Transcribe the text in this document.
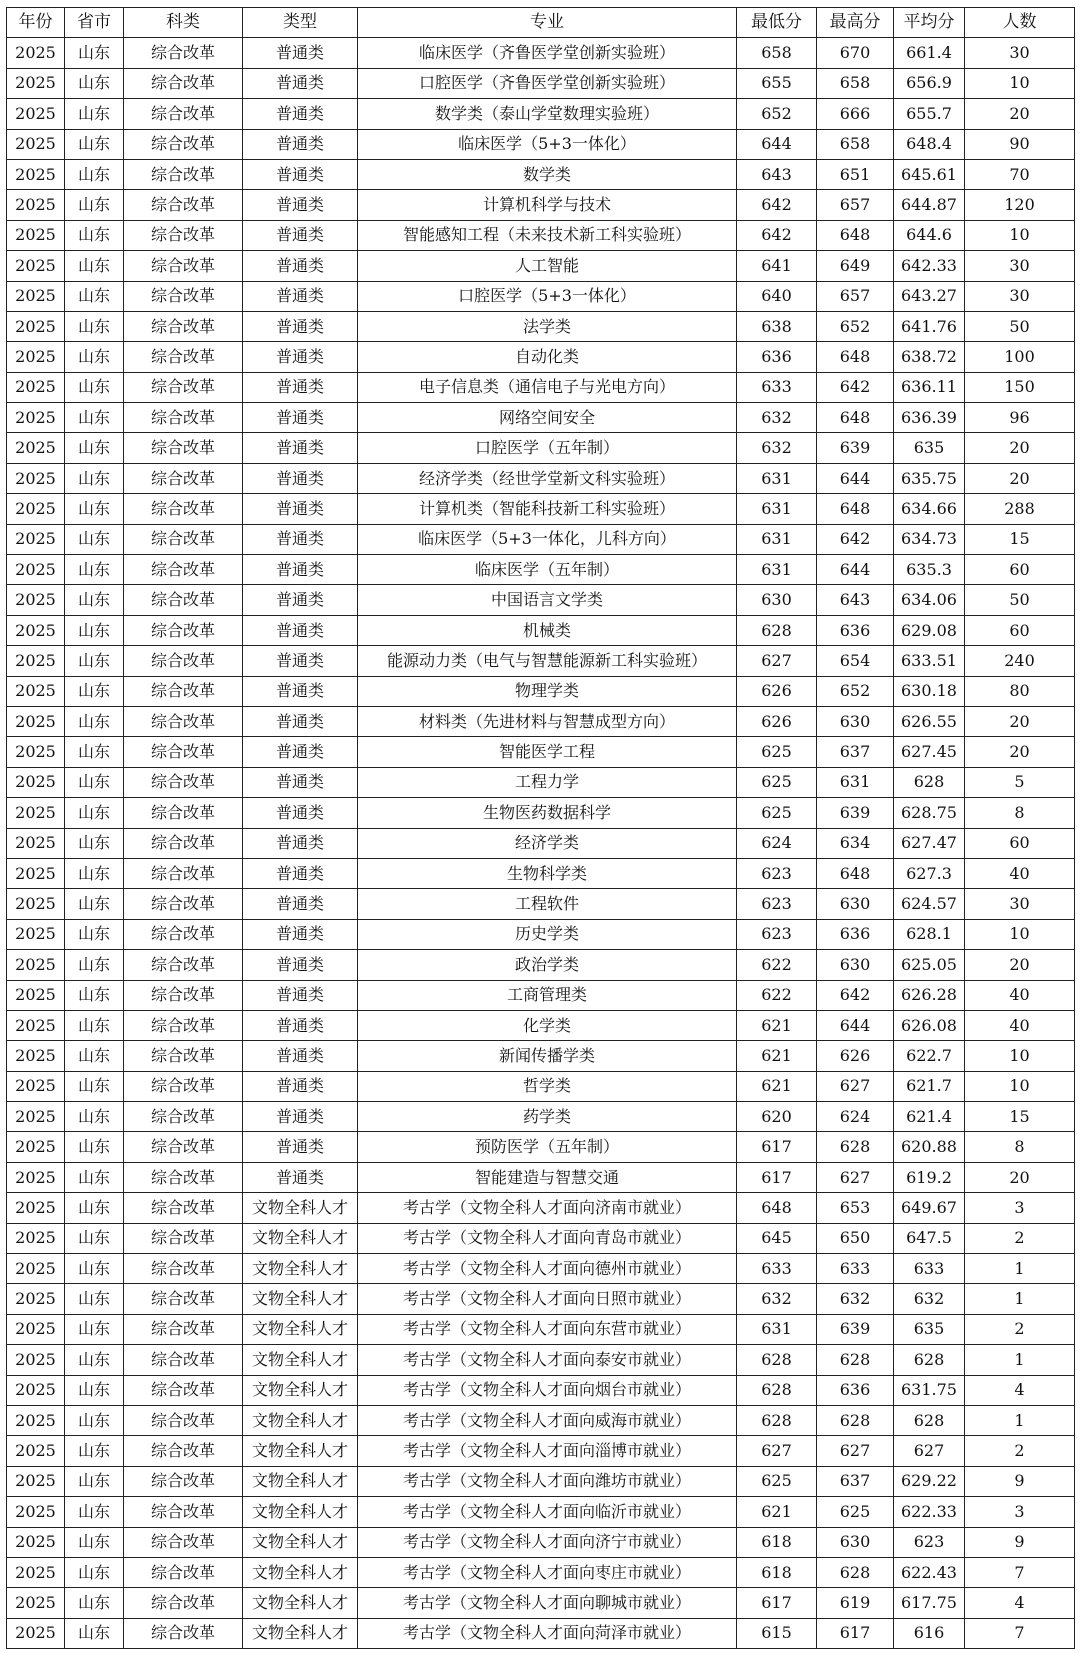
年份	省市	科类	类型	专业	最低分	最高分	平均分	人数
2025	山东	综合改革	普通类	临床医学（齐鲁医学堂创新实验班）	658	670	661.4	30
2025	山东	综合改革	普通类	口腔医学（齐鲁医学堂创新实验班）	655	658	656.9	10
2025	山东	综合改革	普通类	数学类（泰山学堂数理实验班）	652	666	655.7	20
2025	山东	综合改革	普通类	临床医学（5+3一体化）	644	658	648.4	90
2025	山东	综合改革	普通类	数学类	643	651	645.61	70
2025	山东	综合改革	普通类	计算机科学与技术	642	657	644.87	120
2025	山东	综合改革	普通类	智能感知工程（未来技术新工科实验班）	642	648	644.6	10
2025	山东	综合改革	普通类	人工智能	641	649	642.33	30
2025	山东	综合改革	普通类	口腔医学（5+3一体化）	640	657	643.27	30
2025	山东	综合改革	普通类	法学类	638	652	641.76	50
2025	山东	综合改革	普通类	自动化类	636	648	638.72	100
2025	山东	综合改革	普通类	电子信息类（通信电子与光电方向）	633	642	636.11	150
2025	山东	综合改革	普通类	网络空间安全	632	648	636.39	96
2025	山东	综合改革	普通类	口腔医学（五年制）	632	639	635	20
2025	山东	综合改革	普通类	经济学类（经世学堂新文科实验班）	631	644	635.75	20
2025	山东	综合改革	普通类	计算机类（智能科技新工科实验班）	631	648	634.66	288
2025	山东	综合改革	普通类	临床医学（5+3一体化，儿科方向）	631	642	634.73	15
2025	山东	综合改革	普通类	临床医学（五年制）	631	644	635.3	60
2025	山东	综合改革	普通类	中国语言文学类	630	643	634.06	50
2025	山东	综合改革	普通类	机械类	628	636	629.08	60
2025	山东	综合改革	普通类	能源动力类（电气与智慧能源新工科实验班）	627	654	633.51	240
2025	山东	综合改革	普通类	物理学类	626	652	630.18	80
2025	山东	综合改革	普通类	材料类（先进材料与智慧成型方向）	626	630	626.55	20
2025	山东	综合改革	普通类	智能医学工程	625	637	627.45	20
2025	山东	综合改革	普通类	工程力学	625	631	628	5
2025	山东	综合改革	普通类	生物医药数据科学	625	639	628.75	8
2025	山东	综合改革	普通类	经济学类	624	634	627.47	60
2025	山东	综合改革	普通类	生物科学类	623	648	627.3	40
2025	山东	综合改革	普通类	工程软件	623	630	624.57	30
2025	山东	综合改革	普通类	历史学类	623	636	628.1	10
2025	山东	综合改革	普通类	政治学类	622	630	625.05	20
2025	山东	综合改革	普通类	工商管理类	622	642	626.28	40
2025	山东	综合改革	普通类	化学类	621	644	626.08	40
2025	山东	综合改革	普通类	新闻传播学类	621	626	622.7	10
2025	山东	综合改革	普通类	哲学类	621	627	621.7	10
2025	山东	综合改革	普通类	药学类	620	624	621.4	15
2025	山东	综合改革	普通类	预防医学（五年制）	617	628	620.88	8
2025	山东	综合改革	普通类	智能建造与智慧交通	617	627	619.2	20
2025	山东	综合改革	文物全科人才	考古学（文物全科人才面向济南市就业）	648	653	649.67	3
2025	山东	综合改革	文物全科人才	考古学（文物全科人才面向青岛市就业）	645	650	647.5	2
2025	山东	综合改革	文物全科人才	考古学（文物全科人才面向德州市就业）	633	633	633	1
2025	山东	综合改革	文物全科人才	考古学（文物全科人才面向日照市就业）	632	632	632	1
2025	山东	综合改革	文物全科人才	考古学（文物全科人才面向东营市就业）	631	639	635	2
2025	山东	综合改革	文物全科人才	考古学（文物全科人才面向泰安市就业）	628	628	628	1
2025	山东	综合改革	文物全科人才	考古学（文物全科人才面向烟台市就业）	628	636	631.75	4
2025	山东	综合改革	文物全科人才	考古学（文物全科人才面向威海市就业）	628	628	628	1
2025	山东	综合改革	文物全科人才	考古学（文物全科人才面向淄博市就业）	627	627	627	2
2025	山东	综合改革	文物全科人才	考古学（文物全科人才面向潍坊市就业）	625	637	629.22	9
2025	山东	综合改革	文物全科人才	考古学（文物全科人才面向临沂市就业）	621	625	622.33	3
2025	山东	综合改革	文物全科人才	考古学（文物全科人才面向济宁市就业）	618	630	623	9
2025	山东	综合改革	文物全科人才	考古学（文物全科人才面向枣庄市就业）	618	628	622.43	7
2025	山东	综合改革	文物全科人才	考古学（文物全科人才面向聊城市就业）	617	619	617.75	4
2025	山东	综合改革	文物全科人才	考古学（文物全科人才面向菏泽市就业）	615	617	616	7
